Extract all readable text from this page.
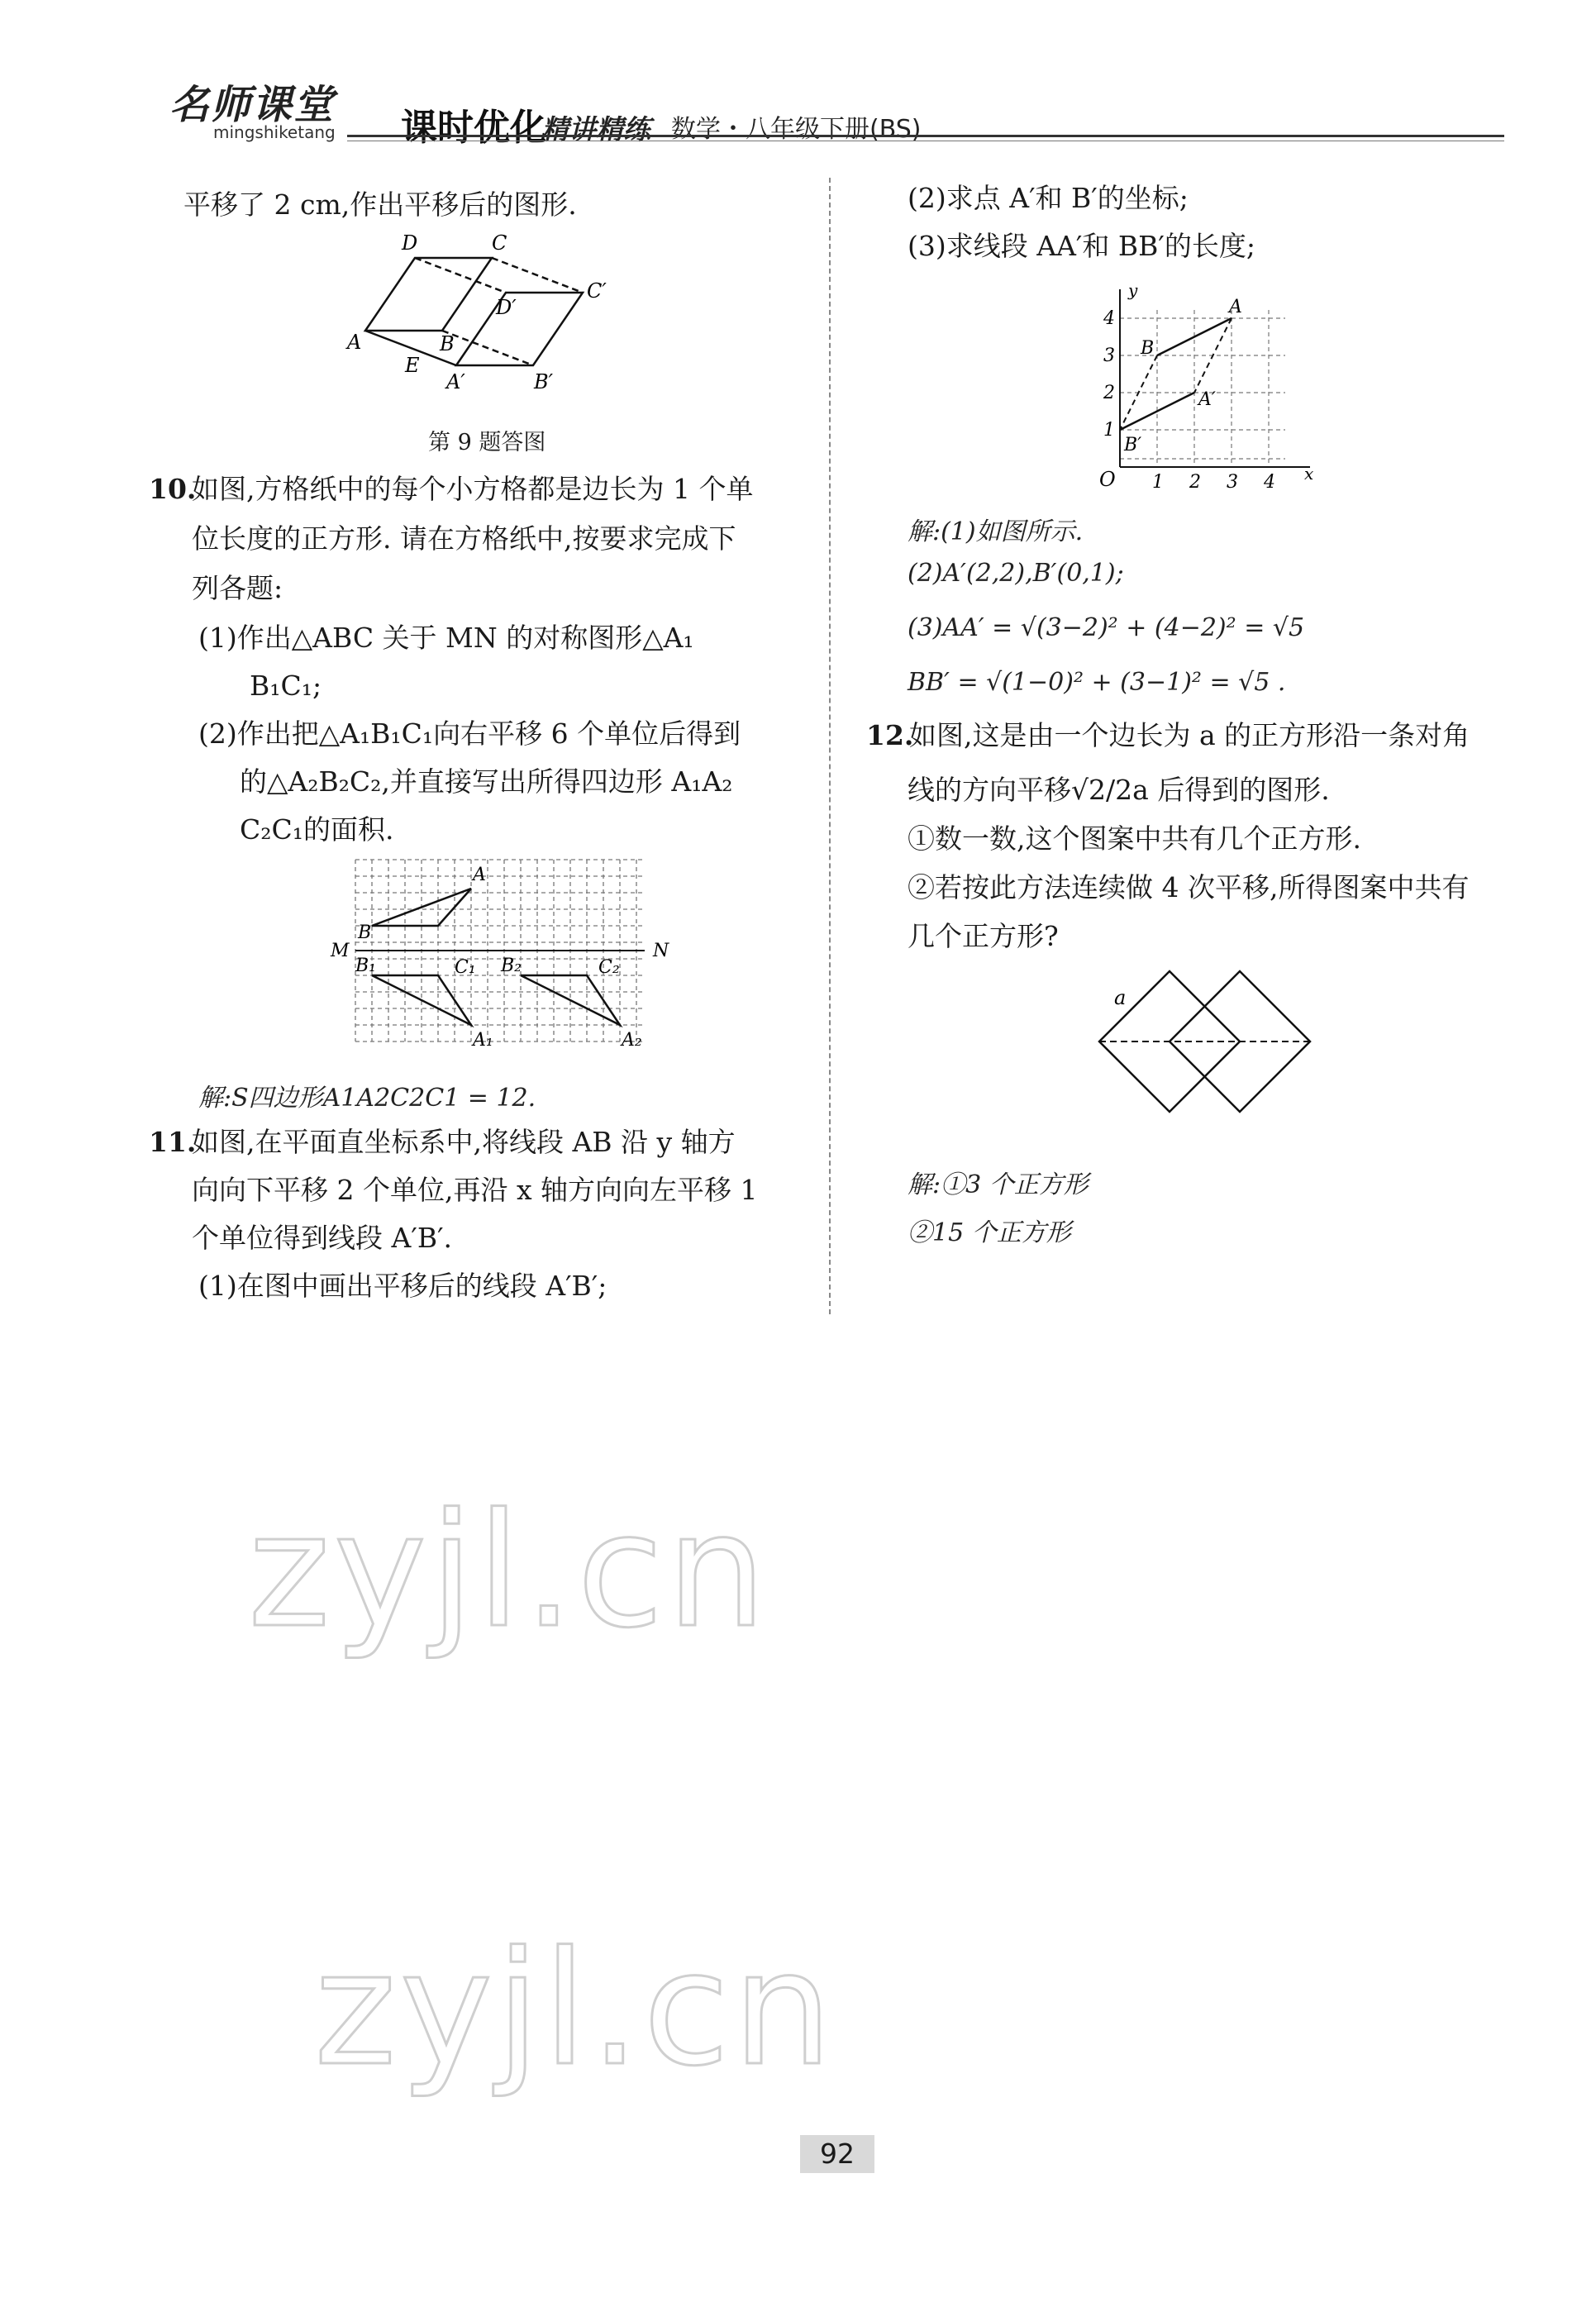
名师课堂
mingshiketang 课时优化
精讲精练 数学・八年级下册(BS)
平移了 2 cm,作出平移后的图形.
D	C
D′
C′
A	B
E
A′	B′
第 9 题答图
10.
如图,方格纸中的每个小方格都是边长为 1 个单
位长度的正方形. 请在方格纸中,按要求完成下
列各题:
(1)作出△ABC 关于 MN 的对称图形△A₁
B₁C₁;
(2)作出把△A₁B₁C₁向右平移 6 个单位后得到
的△A₂B₂C₂,并直接写出所得四边形 A₁A₂
C₂C₁的面积.
A
M
B
B₁	C₁ B₂	C₂
N
A₁	A₂
解:S四边形A1A2C2C1 = 12.
11.
如图,在平面直坐标系中,将线段 AB 沿 y 轴方
向向下平移 2 个单位,再沿 x 轴方向向左平移 1
个单位得到线段 A′B′.
(1)在图中画出平移后的线段 A′B′;
(2)求点 A′和 B′的坐标;
(3)求线段 AA′和 BB′的长度;
y
x
O 1 2 3 4
1
2
3
4
A
B
A′
B′
解:(1)如图所示.
(2)A′(2,2),B′(0,1);
(3)AA′ = √(3−2)² + (4−2)² = √5
BB′ = √(1−0)² + (3−1)² = √5 .
12.
如图,这是由一个边长为 a 的正方形沿一条对角
线的方向平移√2/2a 后得到的图形.
①数一数,这个图案中共有几个正方形.
②若按此方法连续做 4 次平移,所得图案中共有
几个正方形?
a
解:①3 个正方形
②15 个正方形
zyjl.cn
zyjl.cn
92
